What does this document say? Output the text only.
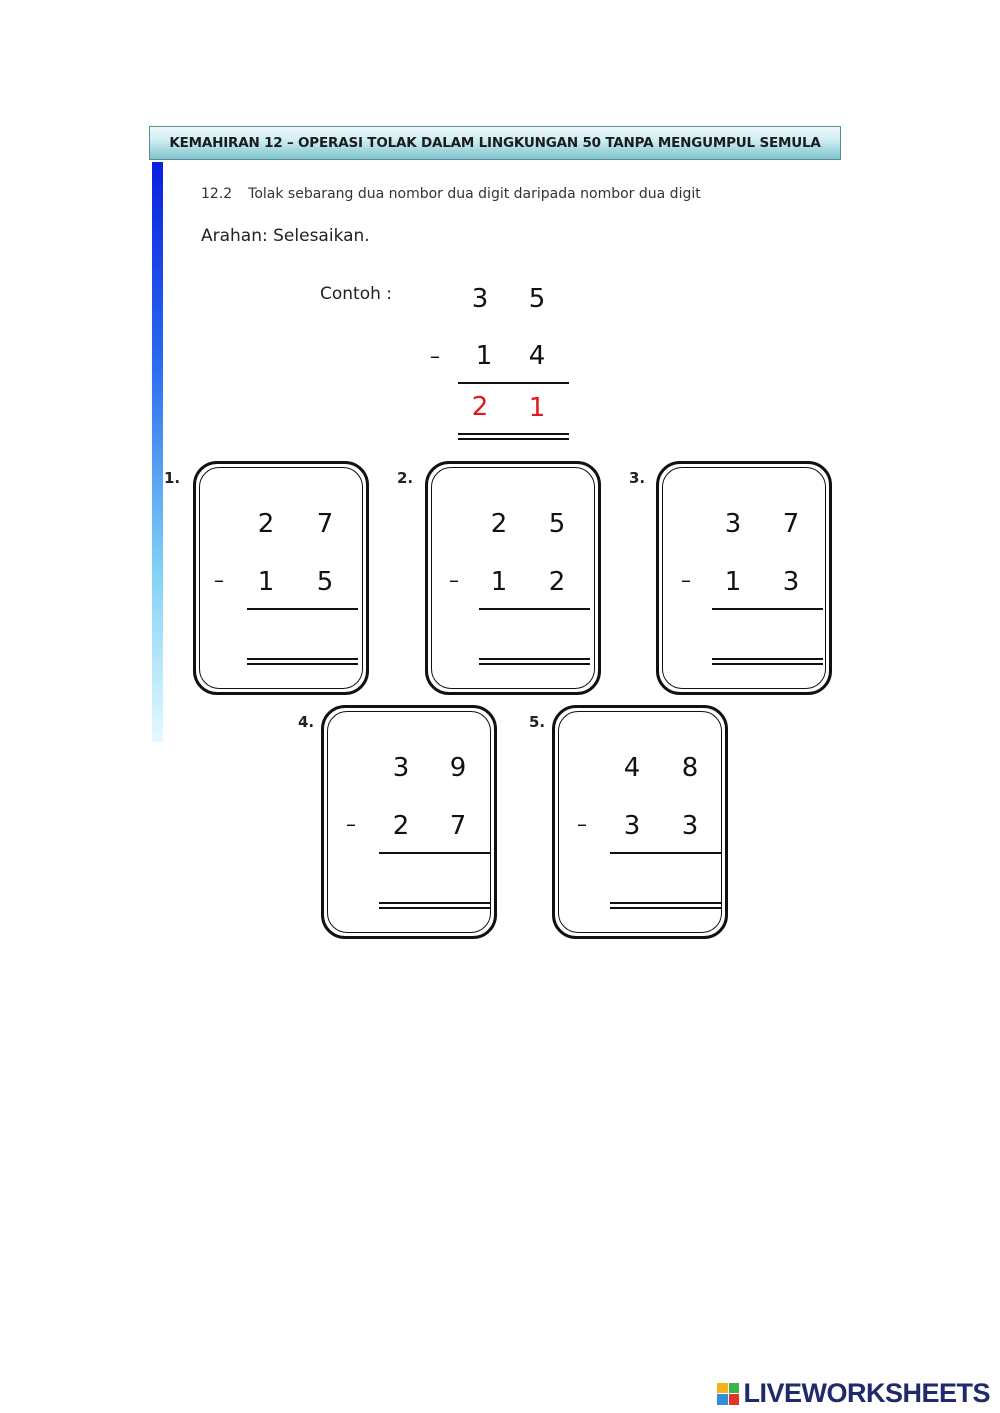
KEMAHIRAN 12 – OPERASI TOLAK DALAM LINGKUNGAN 50 TANPA MENGUMPUL SEMULA
12.2 Tolak sebarang dua nombor dua digit daripada nombor dua digit
Arahan: Selesaikan.
Contoh :	3 5
– 1 4
2 1
1.
2 7
– 1 5
2.
2 5
– 1 2
3.
3 7
– 1 3
4.
3 9
– 2 7
5.
4 8
– 3 3
LIVEWORKSHEETS
